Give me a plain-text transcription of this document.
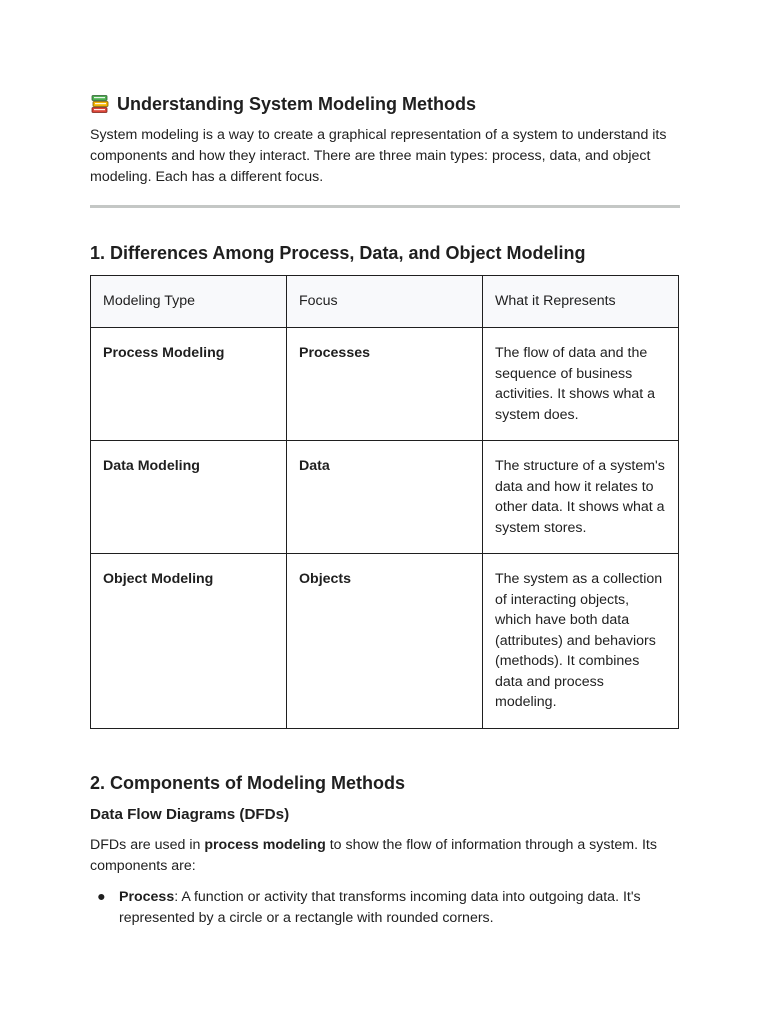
Understanding System Modeling Methods

System modeling is a way to create a graphical representation of a system to understand its components and how they interact. There are three main types: process, data, and object modeling. Each has a different focus.

1. Differences Among Process, Data, and Object Modeling
Modeling Type	Focus	What it Represents
Process Modeling	Processes	The flow of data and the sequence of business activities. It shows what a system does.
Data Modeling	Data	The structure of a system's data and how it relates to other data. It shows what a system stores.
Object Modeling	Objects	The system as a collection of interacting objects, which have both data (attributes) and behaviors (methods). It combines data and process modeling.
2. Components of Modeling Methods
Data Flow Diagrams (DFDs)

DFDs are used in process modeling to show the flow of information through a system. Its components are:

● Process: A function or activity that transforms incoming data into outgoing data. It's represented by a circle or a rectangle with rounded corners.
